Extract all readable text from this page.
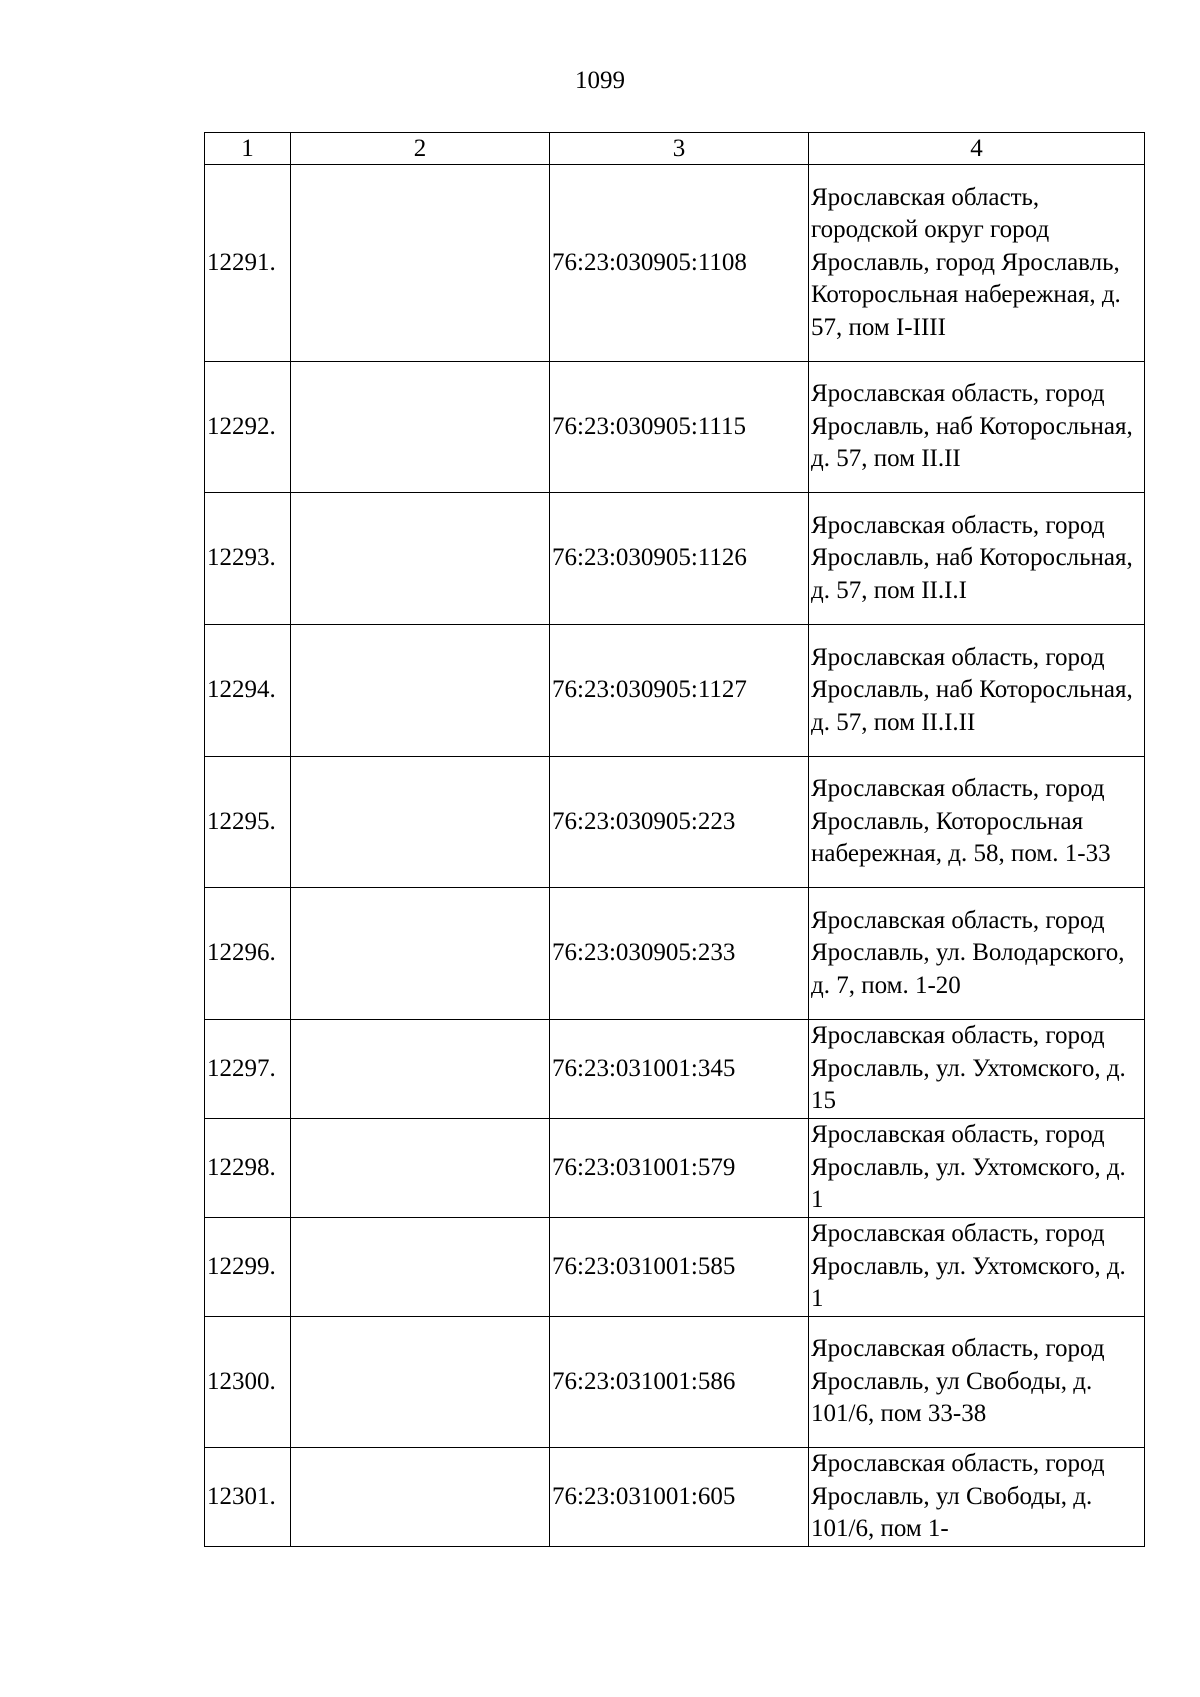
1099
1	2	3	4
12291.		76:23:030905:1108	Ярославская область, городской округ город Ярославль, город Ярославль, Которосльная набережная, д. 57, пом I-IIII
12292.		76:23:030905:1115	Ярославская область, город Ярославль, наб Которосльная, д. 57, пом II.II
12293.		76:23:030905:1126	Ярославская область, город Ярославль, наб Которосльная, д. 57, пом II.I.I
12294.		76:23:030905:1127	Ярославская область, город Ярославль, наб Которосльная, д. 57, пом II.I.II
12295.		76:23:030905:223	Ярославская область, город Ярославль, Которосльная набережная, д. 58, пом. 1-33
12296.		76:23:030905:233	Ярославская область, город Ярославль, ул. Володарского, д. 7, пом. 1-20
12297.		76:23:031001:345	Ярославская область, город Ярославль, ул. Ухтомского, д. 15
12298.		76:23:031001:579	Ярославская область, город Ярославль, ул. Ухтомского, д. 1
12299.		76:23:031001:585	Ярославская область, город Ярославль, ул. Ухтомского, д. 1
12300.		76:23:031001:586	Ярославская область, город Ярославль, ул Свободы, д. 101/6, пом 33-38
12301.		76:23:031001:605	Ярославская область, город Ярославль, ул Свободы, д. 101/6, пом 1-
